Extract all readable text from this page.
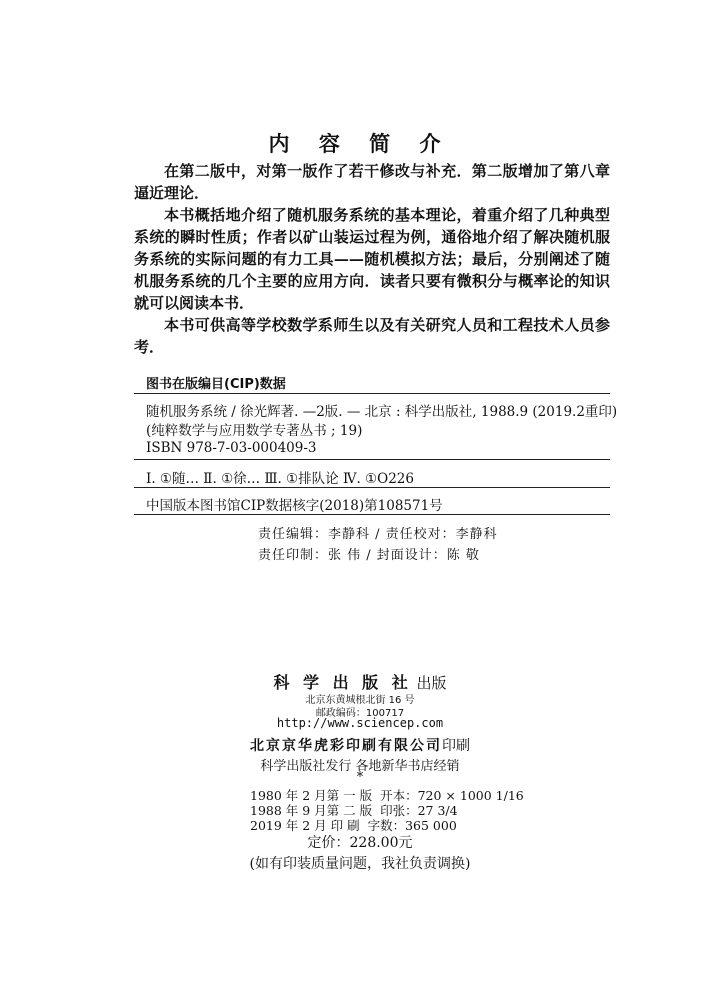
内 容 简 介

在第二版中，对第一版作了若干修改与补充．第二版增加了第八章逼近理论．

本书概括地介绍了随机服务系统的基本理论，着重介绍了几种典型系统的瞬时性质；作者以矿山装运过程为例，通俗地介绍了解决随机服务系统的实际问题的有力工具——随机模拟方法；最后，分别阐述了随机服务系统的几个主要的应用方向．读者只要有微积分与概率论的知识就可以阅读本书．

本书可供高等学校数学系师生以及有关研究人员和工程技术人员参考．

图书在版编目(CIP)数据
随机服务系统 / 徐光辉著. —2版. — 北京 : 科学出版社, 1988.9 (2019.2重印)
(纯粹数学与应用数学专著丛书 ; 19)
ISBN 978-7-03-000409-3
Ⅰ. ①随… Ⅱ. ①徐… Ⅲ. ①排队论 Ⅳ. ①O226
中国版本图书馆CIP数据核字(2018)第108571号
责任编辑：李静科 / 责任校对：李静科
责任印制：张 伟 / 封面设计：陈 敬
科 学 出 版 社 出版
北京东黄城根北街 16 号
邮政编码：100717
http://www.sciencep.com
北京京华虎彩印刷有限公司印刷
科学出版社发行 各地新华书店经销
*
1980 年 2 月第 一 版 开本：720 × 1000 1/16
1988 年 9 月第 二 版 印张：27 3/4
2019 年 2 月 印 刷 字数：365 000
定价：228.00元
(如有印装质量问题，我社负责调换)
